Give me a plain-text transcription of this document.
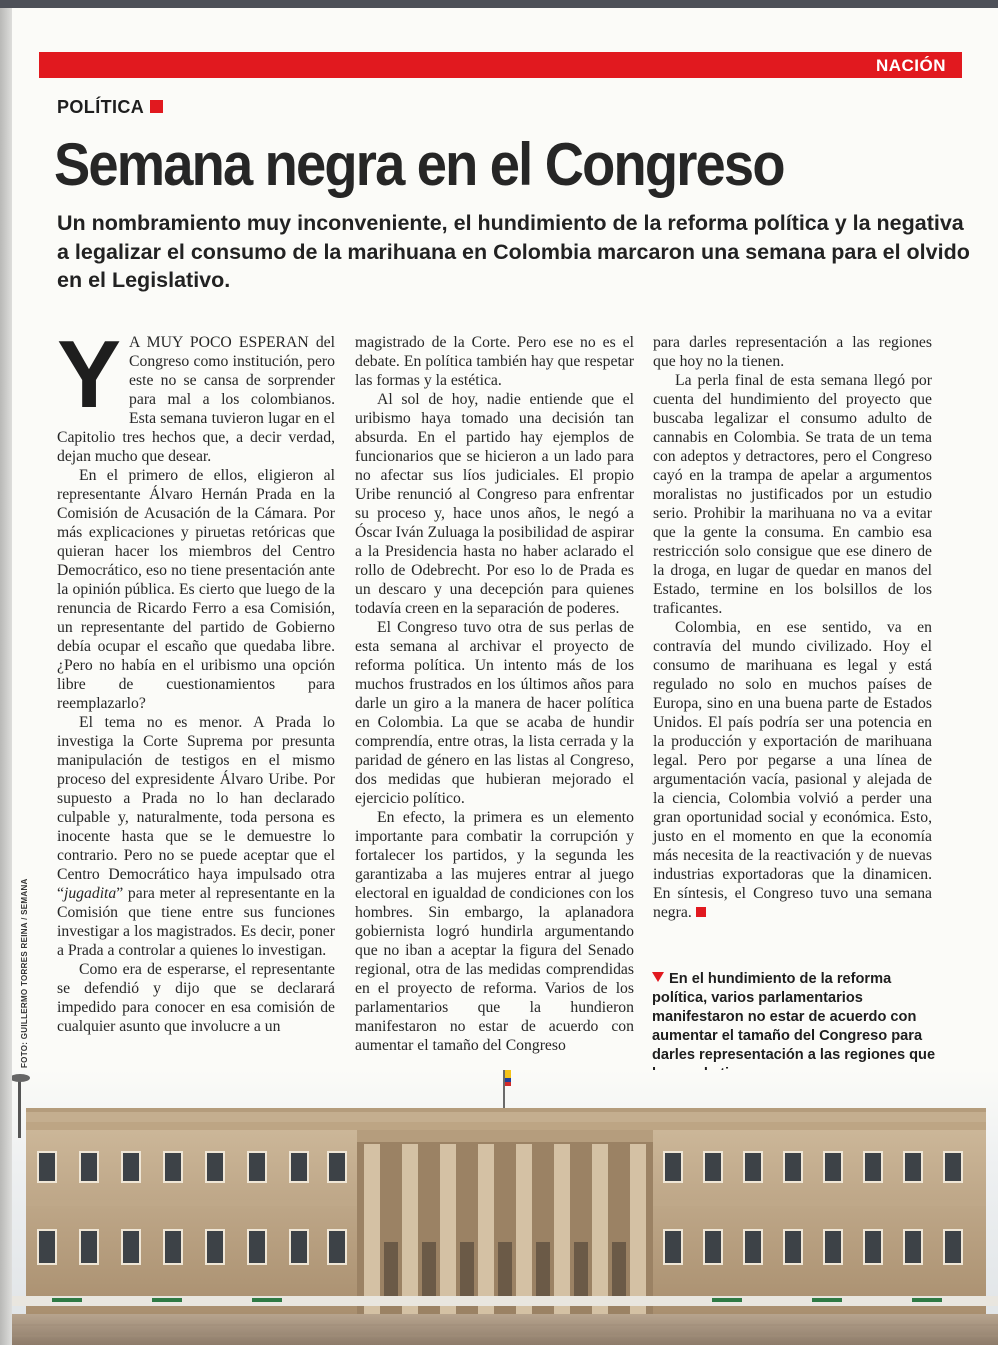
NACIÓN
POLÍTICA
Semana negra en el Congreso
Un nombramiento muy inconveniente, el hundimiento de la reforma política y la negativa a legalizar el consumo de la marihuana en Colombia marcaron una semana para el olvido en el Legislativo.

Y A MUY POCO ESPERAN del Congreso como institución, pero este no se cansa de sorprender para mal a los colombianos. Esta semana tuvieron lugar en el Capitolio tres hechos que, a decir verdad, dejan mucho que desear.

En el primero de ellos, eligieron al representante Álvaro Hernán Prada en la Comisión de Acusación de la Cámara. Por más explicaciones y piruetas retóricas que quieran hacer los miembros del Centro Democrático, eso no tiene presentación ante la opinión pública. Es cierto que luego de la renuncia de Ricardo Ferro a esa Comisión, un representante del partido de Gobierno debía ocupar el escaño que quedaba libre. ¿Pero no había en el uribismo una opción libre de cuestionamientos para reemplazarlo?

El tema no es menor. A Prada lo investiga la Corte Suprema por presunta manipulación de testigos en el mismo proceso del expresidente Álvaro Uribe. Por supuesto a Prada no lo han declarado culpable y, naturalmente, toda persona es inocente hasta que se le demuestre lo contrario. Pero no se puede aceptar que el Centro Democrático haya impulsado otra “jugadita” para meter al representante en la Comisión que tiene entre sus funciones investigar a los magistrados. Es decir, poner a Prada a controlar a quienes lo investigan.

Como era de esperarse, el representante se defendió y dijo que se declarará impedido para conocer en esa comisión de cualquier asunto que involucre a un

magistrado de la Corte. Pero ese no es el debate. En política también hay que respetar las formas y la estética.

Al sol de hoy, nadie entiende que el uribismo haya tomado una decisión tan absurda. En el partido hay ejemplos de funcionarios que se hicieron a un lado para no afectar sus líos judiciales. El propio Uribe renunció al Congreso para enfrentar su proceso y, hace unos años, le negó a Óscar Iván Zuluaga la posibilidad de aspirar a la Presidencia hasta no haber aclarado el rollo de Odebrecht. Por eso lo de Prada es un descaro y una decepción para quienes todavía creen en la separación de poderes.

El Congreso tuvo otra de sus perlas de esta semana al archivar el proyecto de reforma política. Un intento más de los muchos frustrados en los últimos años para darle un giro a la manera de hacer política en Colombia. La que se acaba de hundir comprendía, entre otras, la lista cerrada y la paridad de género en las listas al Congreso, dos medidas que hubieran mejorado el ejercicio político.

En efecto, la primera es un elemento importante para combatir la corrupción y fortalecer los partidos, y la segunda les garantizaba a las mujeres entrar al juego electoral en igualdad de condiciones con los hombres. Sin embargo, la aplanadora gobiernista logró hundirla argumentando que no iban a aceptar la figura del Senado regional, otra de las medidas comprendidas en el proyecto de reforma. Varios de los parlamentarios que la hundieron manifestaron no estar de acuerdo con aumentar el tamaño del Congreso

para darles representación a las regiones que hoy no la tienen.

La perla final de esta semana llegó por cuenta del hundimiento del proyecto que buscaba legalizar el consumo adulto de cannabis en Colombia. Se trata de un tema con adeptos y detractores, pero el Congreso cayó en la trampa de apelar a argumentos moralistas no justificados por un estudio serio. Prohibir la marihuana no va a evitar que la gente la consuma. En cambio esa restricción solo consigue que ese dinero de la droga, en lugar de quedar en manos del Estado, termine en los bolsillos de los traficantes.

Colombia, en ese sentido, va en contravía del mundo civilizado. Hoy el consumo de marihuana es legal y está regulado no solo en muchos países de Europa, sino en una buena parte de Estados Unidos. El país podría ser una potencia en la producción y exportación de marihuana legal. Pero por pegarse a una línea de argumentación vacía, pasional y alejada de la ciencia, Colombia volvió a perder una gran oportunidad social y económica. Esto, justo en el momento en que la economía más necesita de la reactivación y de nuevas industrias exportadoras que la dinamicen. En síntesis, el Congreso tuvo una semana negra.

En el hundimiento de la reforma política, varios parlamentarios manifestaron no estar de acuerdo con aumentar el tamaño del Congreso para darles representación a las regiones que
FOTO: GUILLERMO TORRES REINA / SEMANA
